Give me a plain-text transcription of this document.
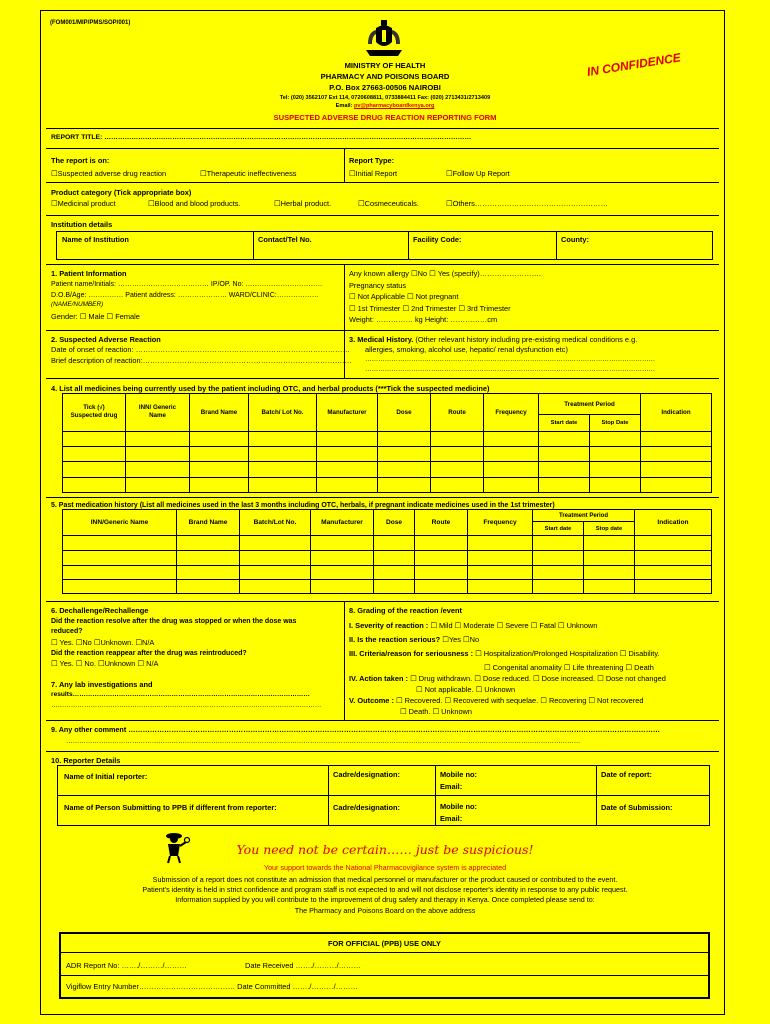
(FOM001/MIP/PMS/SOP/001)
MINISTRY OF HEALTH
PHARMACY AND POISONS BOARD
P.O. Box 27663-00506 NAIROBI
Tel: (020) 3562107 Ext 114, 0720608811, 0733884411 Fax: (020) 2713431/2713409
Email: pv@pharmacyboardkenya.org
SUSPECTED ADVERSE DRUG REACTION REPORTING FORM
IN CONFIDENCE
REPORT TITLE: ………………………………………………………………………………………………………………………………………………
The report is on:
☐Suspected adverse drug reaction	☐Therapeutic ineffectiveness
Report Type:
☐Initial Report	☐Follow Up Report
Product category (Tick appropriate box)
☐Medicinal product	☐Blood and blood products.	☐Herbal product.	☐Cosmeceuticals.	☐Others………………………………………………
Institution details
Name of Institution	Contact/Tel No.	Facility Code:	County:
1. Patient Information
Patient name/Initials: ………………………………… IP/OP. No: ……………………………
D.O.B/Age: …………… Patient address: ………………… WARD/CLINIC:………………
(NAME/NUMBER)
Gender: ☐ Male ☐ Female
Any known allergy ☐No ☐ Yes (specify)…………………….
Pregnancy status
☐ Not Applicable ☐ Not pregnant
☐ 1st Trimester ☐ 2nd Trimester ☐ 3rd Trimester
Weight: …………… kg Height: ……………cm
2. Suspected Adverse Reaction
Date of onset of reaction: ……………………………………………………………………………
Brief description of reaction:………………………………………………………………………….
3. Medical History. (Other relevant history including pre-existing medical conditions e.g.
allergies, smoking, alcohol use, hepatic/ renal dysfunction etc)
……………………………………………………………………………………………………………………
……………………………………………………………………………………………………………………
4. List all medicines being currently used by the patient including OTC, and herbal products (***Tick the suspected medicine)
Tick (√)
Suspected drug	INN/ Generic
Name	Brand Name	Batch/ Lot No.	Manufacturer	Dose	Route	Frequency	Treatment Period		Indication

								Start date	Stop Date	

5. Past medication history (List all medicines used in the last 3 months including OTC, herbals, if pregnant indicate medicines used in the 1st trimester)
INN/Generic Name	Brand Name	Batch/Lot No.	Manufacturer	Dose	Route	Frequency	Treatment Period		Indication

							Start date	Stop date	

6. Dechallenge/Rechallenge
Did the reaction resolve after the drug was stopped or when the dose was
reduced?
☐ Yes. ☐No ☐Unknown. ☐N/A
Did the reaction reappear after the drug was reintroduced?
☐ Yes. ☐ No. ☐Unknown ☐ N/A
7. Any lab investigations and
results………………………………………………………………………………………………
……………………………………………………………………………………………………………
8. Grading of the reaction /event
I. Severity of reaction : ☐ Mild ☐ Moderate ☐ Severe ☐ Fatal ☐ Unknown
II. Is the reaction serious? ☐Yes ☐No
III. Criteria/reason for seriousness : ☐ Hospitalization/Prolonged Hospitalization ☐ Disability.
☐ Congenital anomality ☐ Life threatening ☐ Death
IV. Action taken : ☐ Drug withdrawn. ☐ Dose reduced. ☐ Dose increased. ☐ Dose not changed
☐ Not applicable. ☐ Unknown
V. Outcome : ☐ Recovered. ☐ Recovered with sequelae. ☐ Recovering ☐ Not recovered
☐ Death. ☐ Unknown
9. Any other comment ……………………………………………………………………………………………………………………………………………………………………………………………………
………………………………………………………………………………………………………………………………………………………………………………………………………………
10. Reporter Details
Name of Initial reporter:	Cadre/designation:	Mobile no:
Email:
Date of report:
Name of Person Submitting to PPB if different from reporter:	Cadre/designation:	Mobile no:
Email:
Date of Submission:
You need not be certain…… just be suspicious!
Your support towards the National Pharmacovigilance system is appreciated
Submission of a report does not constitute an admission that medical personnel or manufacturer or the product caused or contributed to the event.
Patient's identity is held in strict confidence and program staff is not expected to and will not disclose reporter's identity in response to any public request.
Information supplied by you will contribute to the improvement of drug safety and therapy in Kenya. Once completed please send to:
The Pharmacy and Poisons Board on the above address
FOR OFFICIAL (PPB) USE ONLY
ADR Report No: ……./………/………	Date Received ……./………/………
Vigiflow Entry Number………………………………… Date Committed ……./………/………
